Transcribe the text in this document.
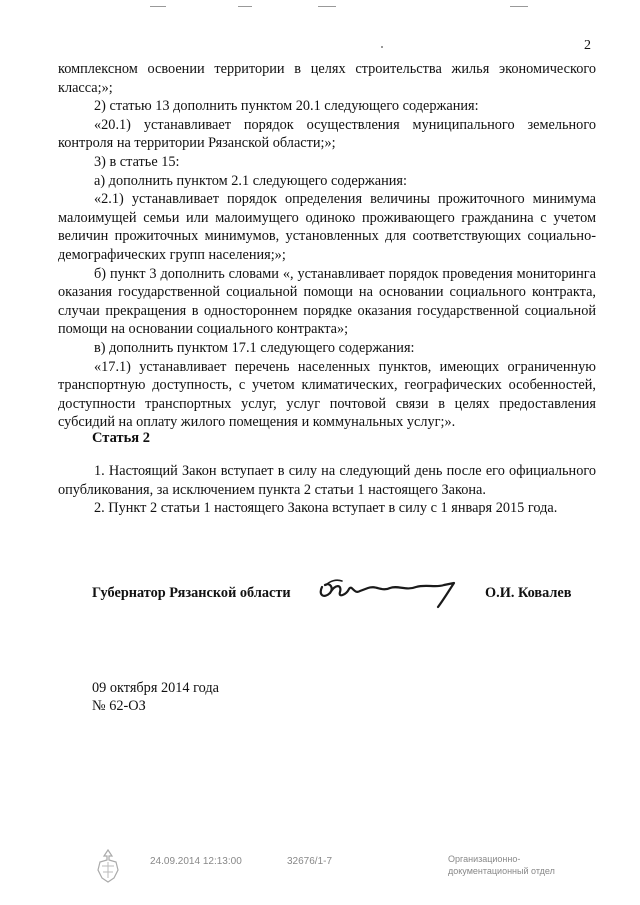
2

комплексном освоении территории в целях строительства жилья экономического класса;»;

2) статью 13 дополнить пунктом 20.1 следующего содержания:

«20.1) устанавливает порядок осуществления муниципального земельного контроля на территории Рязанской области;»;

3) в статье 15:

а) дополнить пунктом 2.1 следующего содержания:

«2.1) устанавливает порядок определения величины прожиточного минимума малоимущей семьи или малоимущего одиноко проживающего гражданина с учетом величин прожиточных минимумов, установленных для соответствующих социально-демографических групп населения;»;

б) пункт 3 дополнить словами «, устанавливает порядок проведения мониторинга оказания государственной социальной помощи на основании социального контракта, случаи прекращения в одностороннем порядке оказания государственной социальной помощи на основании социального контракта»;

в) дополнить пунктом 17.1 следующего содержания:

«17.1) устанавливает перечень населенных пунктов, имеющих ограниченную транспортную доступность, с учетом климатических, географических особенностей, доступности транспортных услуг, услуг почтовой связи в целях предоставления субсидий на оплату жилого помещения и коммунальных услуг;».

Статья 2

1. Настоящий Закон вступает в силу на следующий день после его официального опубликования, за исключением пункта 2 статьи 1 настоящего Закона.

2. Пункт 2 статьи 1 настоящего Закона вступает в силу с 1 января 2015 года.

Губернатор Рязанской области	О.И. Ковалев
09 октября 2014 года
№ 62-ОЗ
24.09.2014 12:13:00	32676/1-7	Организационно-
документационный отдел
